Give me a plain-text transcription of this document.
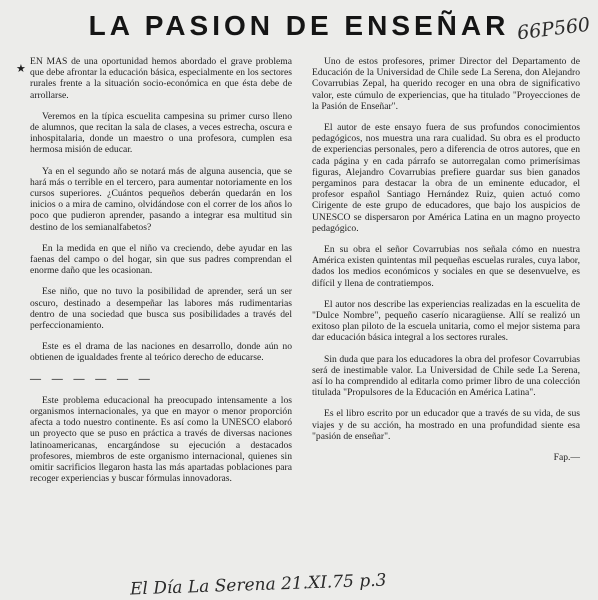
LA PASION DE ENSEÑAR 66P560
★

EN MAS de una oportunidad hemos abordado el grave problema que debe afrontar la educación básica, especialmente en los sectores rurales frente a la situación socio-económica en que ésta debe de arrollarse.

Veremos en la típica escuelita campesina su primer curso lleno de alumnos, que recitan la sala de clases, a veces estrecha, oscura e inhospitalaria, donde un maestro o una profesora, cumplen esa hermosa misión de educar.

Ya en el segundo año se notará más de alguna ausencia, que se hará más o terrible en el tercero, para aumentar notoriamente en los cursos superiores. ¿Cuántos pequeños deberán quedarán en los inicios o a mira de camino, olvidándose con el correr de los años lo poco que pudieron aprender, pasando a integrar esa multitud sin destino de los semianalfabetos?

En la medida en que el niño va creciendo, debe ayudar en las faenas del campo o del hogar, sin que sus padres comprendan el enorme daño que les ocasionan.

Ese niño, que no tuvo la posibilidad de aprender, será un ser oscuro, destinado a desempeñar las labores más rudimentarias dentro de una sociedad que busca sus posibilidades a través del perfeccionamiento.

Este es el drama de las naciones en desarrollo, donde aún no obtienen de igualdades frente al teórico derecho de educarse.

— — — — — —

Este problema educacional ha preocupado intensamente a los organismos internacionales, ya que en mayor o menor proporción afecta a todo nuestro continente. Es así como la UNESCO elaboró un proyecto que se puso en práctica a través de diversas naciones latinoamericanas, encargándose su ejecución a destacados profesores, miembros de este organismo internacional, quienes sin omitir sacrificios llegaron hasta las más apartadas poblaciones para recoger experiencias y buscar fórmulas innovadoras.

Uno de estos profesores, primer Director del Departamento de Educación de la Universidad de Chile sede La Serena, don Alejandro Covarrubias Zepal, ha querido recoger en una obra de significativo valor, este cúmulo de experiencias, que ha titulado "Proyecciones de la Pasión de Enseñar".

El autor de este ensayo fuera de sus profundos conocimientos pedagógicos, nos muestra una rara cualidad. Su obra es el producto de experiencias personales, pero a diferencia de otros autores, que en cada página y en cada párrafo se autorregalan como primerísimas figuras, Alejandro Covarrubias prefiere guardar sus bien ganados pergaminos para destacar la obra de un eminente educador, el profesor español Santiago Hernández Ruiz, quien actuó como Cirigente de este grupo de educadores, que bajo los auspicios de UNESCO se dispersaron por América Latina en un magno proyecto pedagógico.

En su obra el señor Covarrubias nos señala cómo en nuestra América existen quintentas mil pequeñas escuelas rurales, cuya labor, dados los medios económicos y sociales en que se desenvuelve, es difícil y llena de contratiempos.

El autor nos describe las experiencias realizadas en la escuelita de "Dulce Nombre", pequeño caserío nicaragüense. Allí se realizó un exitoso plan piloto de la escuela unitaria, como el mejor sistema para dar educación básica integral a los sectores rurales.

Sin duda que para los educadores la obra del profesor Covarrubias será de inestimable valor. La Universidad de Chile sede La Serena, así lo ha comprendido al editarla como primer libro de una colección titulada "Propulsores de la Educación en América Latina".

Es el libro escrito por un educador que a través de su vida, de sus viajes y de su acción, ha mostrado en una profundidad siente esa "pasión de enseñar".

Fap.—

El Día La Serena 21.XI.75 p.3
